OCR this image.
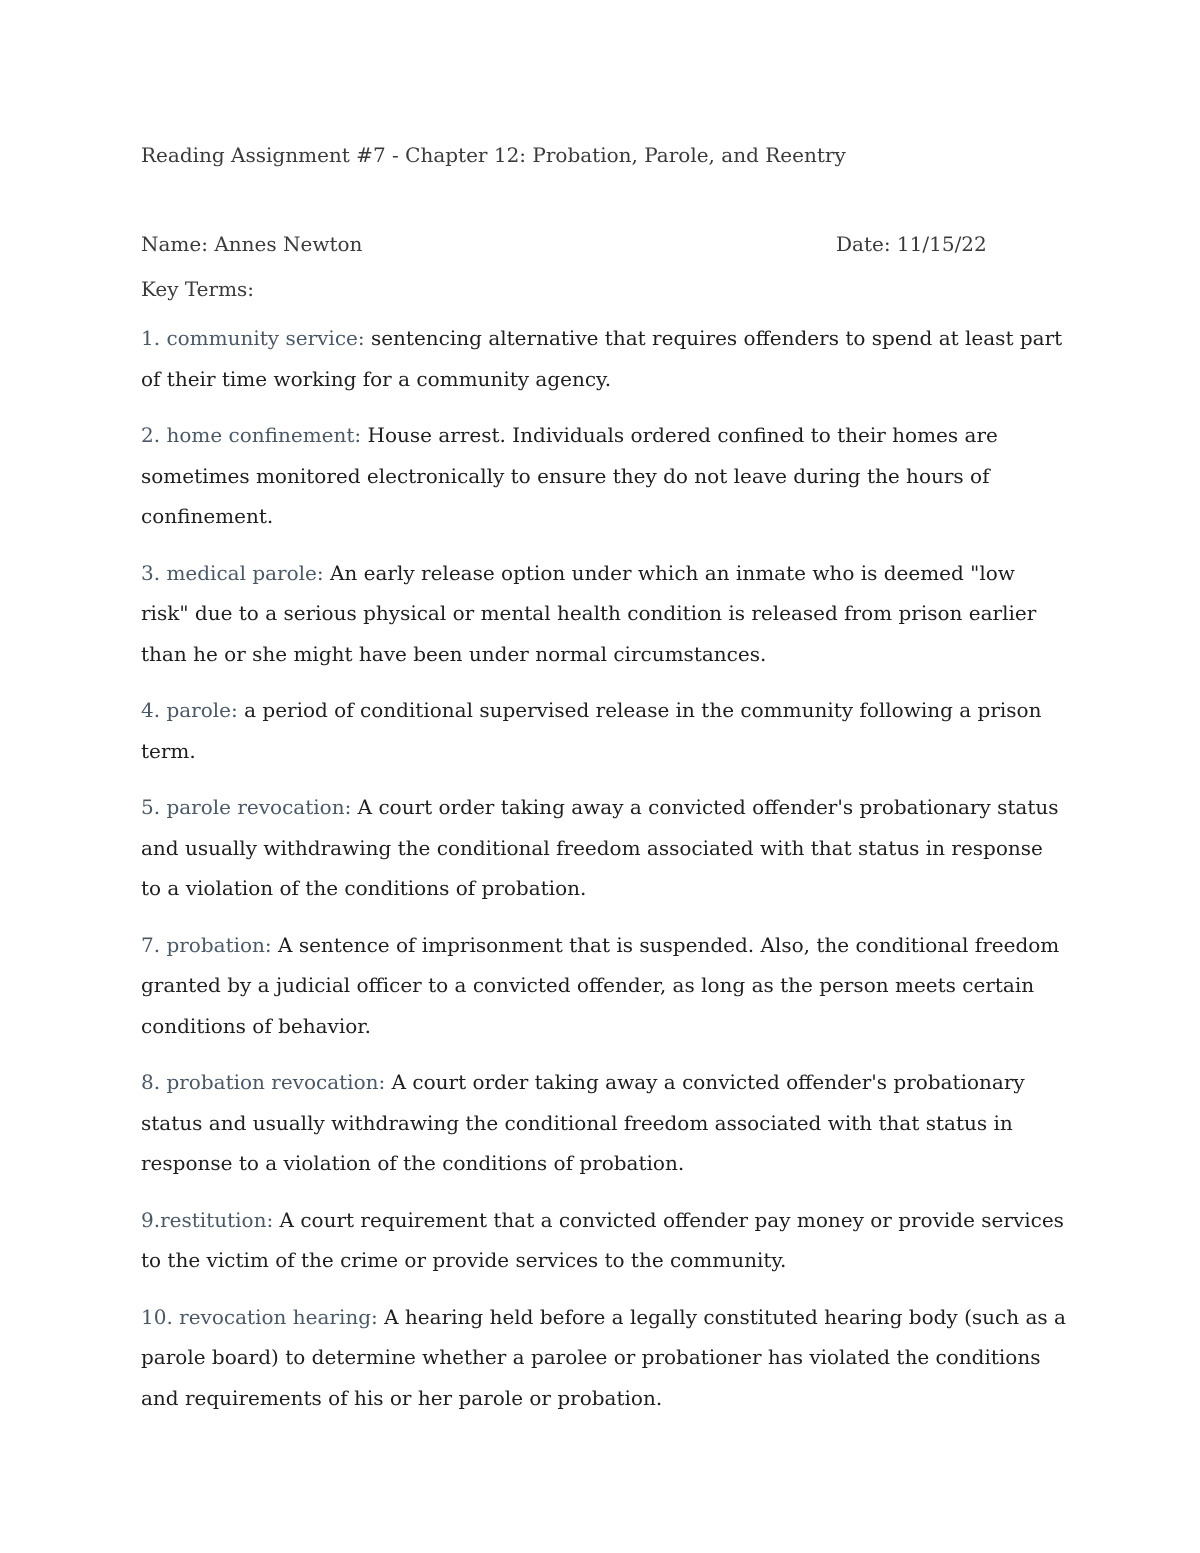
Reading Assignment #7 - Chapter 12: Probation, Parole, and Reentry
Name: Annes Newton	Date: 11/15/22
Key Terms:

1. community service: sentencing alternative that requires offenders to spend at least part of their time working for a community agency.

2. home confinement: House arrest. Individuals ordered confined to their homes are sometimes monitored electronically to ensure they do not leave during the hours of confinement.

3. medical parole: An early release option under which an inmate who is deemed "low risk" due to a serious physical or mental health condition is released from prison earlier than he or she might have been under normal circumstances.

4. parole: a period of conditional supervised release in the community following a prison term.

5. parole revocation: A court order taking away a convicted offender's probationary status and usually withdrawing the conditional freedom associated with that status in response to a violation of the conditions of probation.

7. probation: A sentence of imprisonment that is suspended. Also, the conditional freedom granted by a judicial officer to a convicted offender, as long as the person meets certain conditions of behavior.

8. probation revocation: A court order taking away a convicted offender's probationary status and usually withdrawing the conditional freedom associated with that status in response to a violation of the conditions of probation.

9.restitution: A court requirement that a convicted offender pay money or provide services to the victim of the crime or provide services to the community.

10. revocation hearing: A hearing held before a legally constituted hearing body (such as a parole board) to determine whether a parolee or probationer has violated the conditions and requirements of his or her parole or probation.
